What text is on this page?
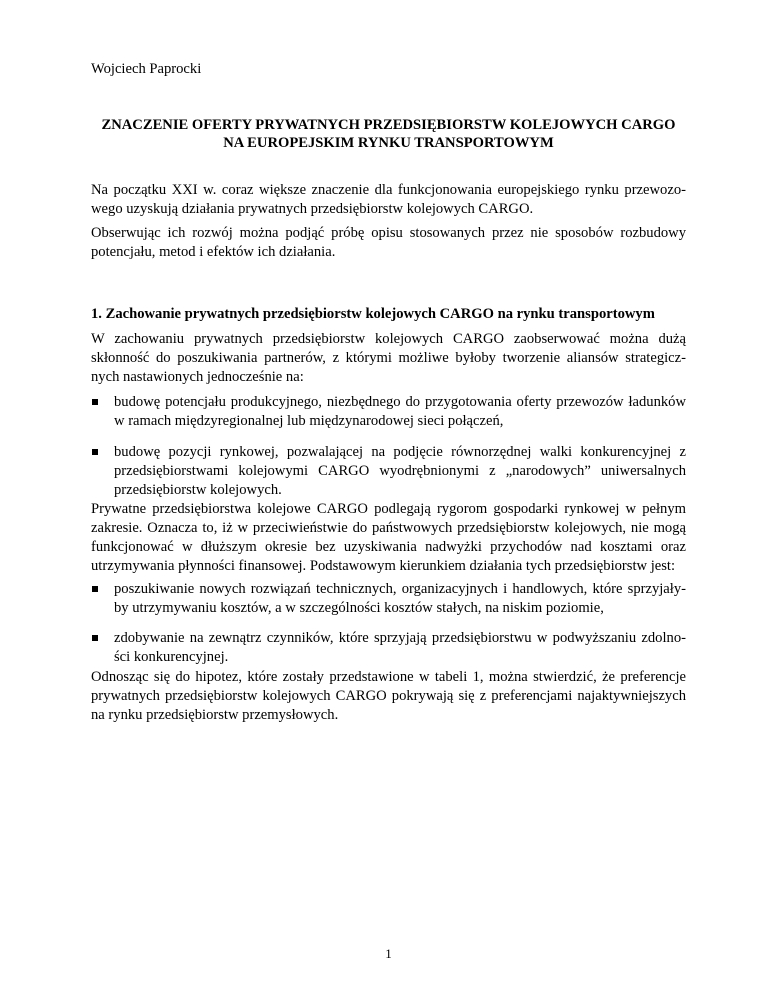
Wojciech Paprocki
ZNACZENIE OFERTY PRYWATNYCH PRZEDSIĘBIORSTW KOLEJOWYCH CARGO
NA EUROPEJSKIM RYNKU TRANSPORTOWYM
Na początku XXI w. coraz większe znaczenie dla funkcjonowania europejskiego rynku przewozo-
wego uzyskują działania prywatnych przedsiębiorstw kolejowych CARGO.
Obserwując ich rozwój można podjąć próbę opisu stosowanych przez nie sposobów rozbudowy
potencjału, metod i efektów ich działania.
1. Zachowanie prywatnych przedsiębiorstw kolejowych CARGO na rynku transportowym
W zachowaniu prywatnych przedsiębiorstw kolejowych CARGO zaobserwować można dużą
skłonność do poszukiwania partnerów, z którymi możliwe byłoby tworzenie aliansów strategicz-
nych nastawionych jednocześnie na:
budowę potencjału produkcyjnego, niezbędnego do przygotowania oferty przewozów ładunków
w ramach międzyregionalnej lub międzynarodowej sieci połączeń,
budowę pozycji rynkowej, pozwalającej na podjęcie równorzędnej walki konkurencyjnej z
przedsiębiorstwami kolejowymi CARGO wyodrębnionymi z „narodowych” uniwersalnych
przedsiębiorstw kolejowych.
Prywatne przedsiębiorstwa kolejowe CARGO podlegają rygorom gospodarki rynkowej w pełnym
zakresie. Oznacza to, iż w przeciwieństwie do państwowych przedsiębiorstw kolejowych, nie mogą
funkcjonować w dłuższym okresie bez uzyskiwania nadwyżki przychodów nad kosztami oraz
utrzymywania płynności finansowej. Podstawowym kierunkiem działania tych przedsiębiorstw jest:
poszukiwanie nowych rozwiązań technicznych, organizacyjnych i handlowych, które sprzyjały-
by utrzymywaniu kosztów, a w szczególności kosztów stałych, na niskim poziomie,
zdobywanie na zewnątrz czynników, które sprzyjają przedsiębiorstwu w podwyższaniu zdolno-
ści konkurencyjnej.
Odnosząc się do hipotez, które zostały przedstawione w tabeli 1, można stwierdzić, że preferencje
prywatnych przedsiębiorstw kolejowych CARGO pokrywają się z preferencjami najaktywniejszych
na rynku przedsiębiorstw przemysłowych.
1
